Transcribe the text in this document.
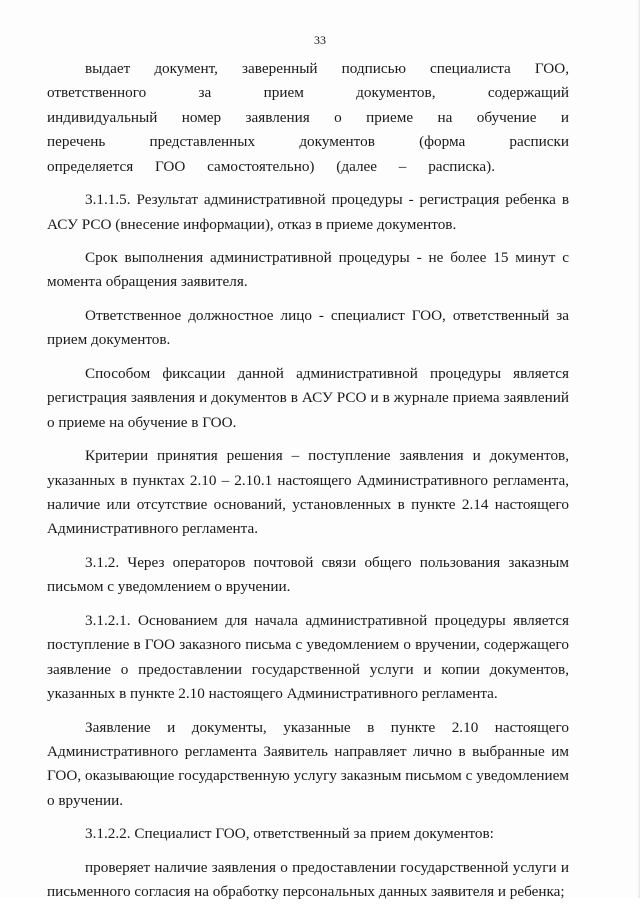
33

выдает документ, заверенный подписью специалиста ГОО, ответственного за прием документов, содержащий индивидуальный номер заявления о приеме на обучение и перечень представленных документов (форма расписки определяется ГОО самостоятельно) (далее – расписка).

3.1.1.5. Результат административной процедуры - регистрация ребенка в АСУ РСО (внесение информации), отказ в приеме документов.

Срок выполнения административной процедуры - не более 15 минут с момента обращения заявителя.

Ответственное должностное лицо - специалист ГОО, ответственный за прием документов.

Способом фиксации данной административной процедуры является регистрация заявления и документов в АСУ РСО и в журнале приема заявлений о приеме на обучение в ГОО.

Критерии принятия решения – поступление заявления и документов, указанных в пунктах 2.10 – 2.10.1 настоящего Административного регламента, наличие или отсутствие оснований, установленных в пункте 2.14 настоящего Административного регламента.

3.1.2. Через операторов почтовой связи общего пользования заказным письмом с уведомлением о вручении.

3.1.2.1. Основанием для начала административной процедуры является поступление в ГОО заказного письма с уведомлением о вручении, содержащего заявление о предоставлении государственной услуги и копии документов, указанных в пункте 2.10 настоящего Административного регламента.

Заявление и документы, указанные в пункте 2.10 настоящего Административного регламента Заявитель направляет лично в выбранные им ГОО, оказывающие государственную услугу заказным письмом с уведомлением о вручении.

3.1.2.2. Специалист ГОО, ответственный за прием документов:

проверяет наличие заявления о предоставлении государственной услуги и письменного согласия на обработку персональных данных заявителя и ребенка;
